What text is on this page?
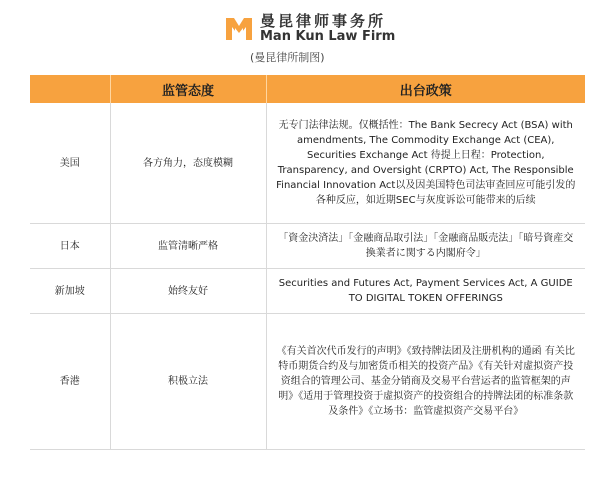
曼昆律师事务所
Man Kun Law Firm
(曼昆律所制图)
	监管态度	出台政策
美国	各方角力，态度模糊	无专门法律法规。仅概括性：The Bank Secrecy Act (BSA) with amendments, The Commodity Exchange Act (CEA), Securities Exchange Act 待提上日程：Protection, Transparency, and Oversight (CRPTO) Act, The Responsible Financial Innovation Act以及因美国特色司法审查回应可能引发的各种反应，如近期SEC与灰度诉讼可能带来的后续
日本	监管清晰严格	「資金決済法」「金融商品取引法」「金融商品販売法」「暗号資産交換業者に関する内閣府令」
新加坡	始终友好	Securities and Futures Act, Payment Services Act, A GUIDE TO DIGITAL TOKEN OFFERINGS
香港	积极立法	《有关首次代币发行的声明》《致持牌法团及注册机构的通函 有关比特币期货合约及与加密货币相关的投资产品》《有关针对虚拟资产投资组合的管理公司、基金分销商及交易平台营运者的监管框架的声明》《适用于管理投资于虚拟资产的投资组合的持牌法团的标准条款及条件》《立场书：监管虚拟资产交易平台》
